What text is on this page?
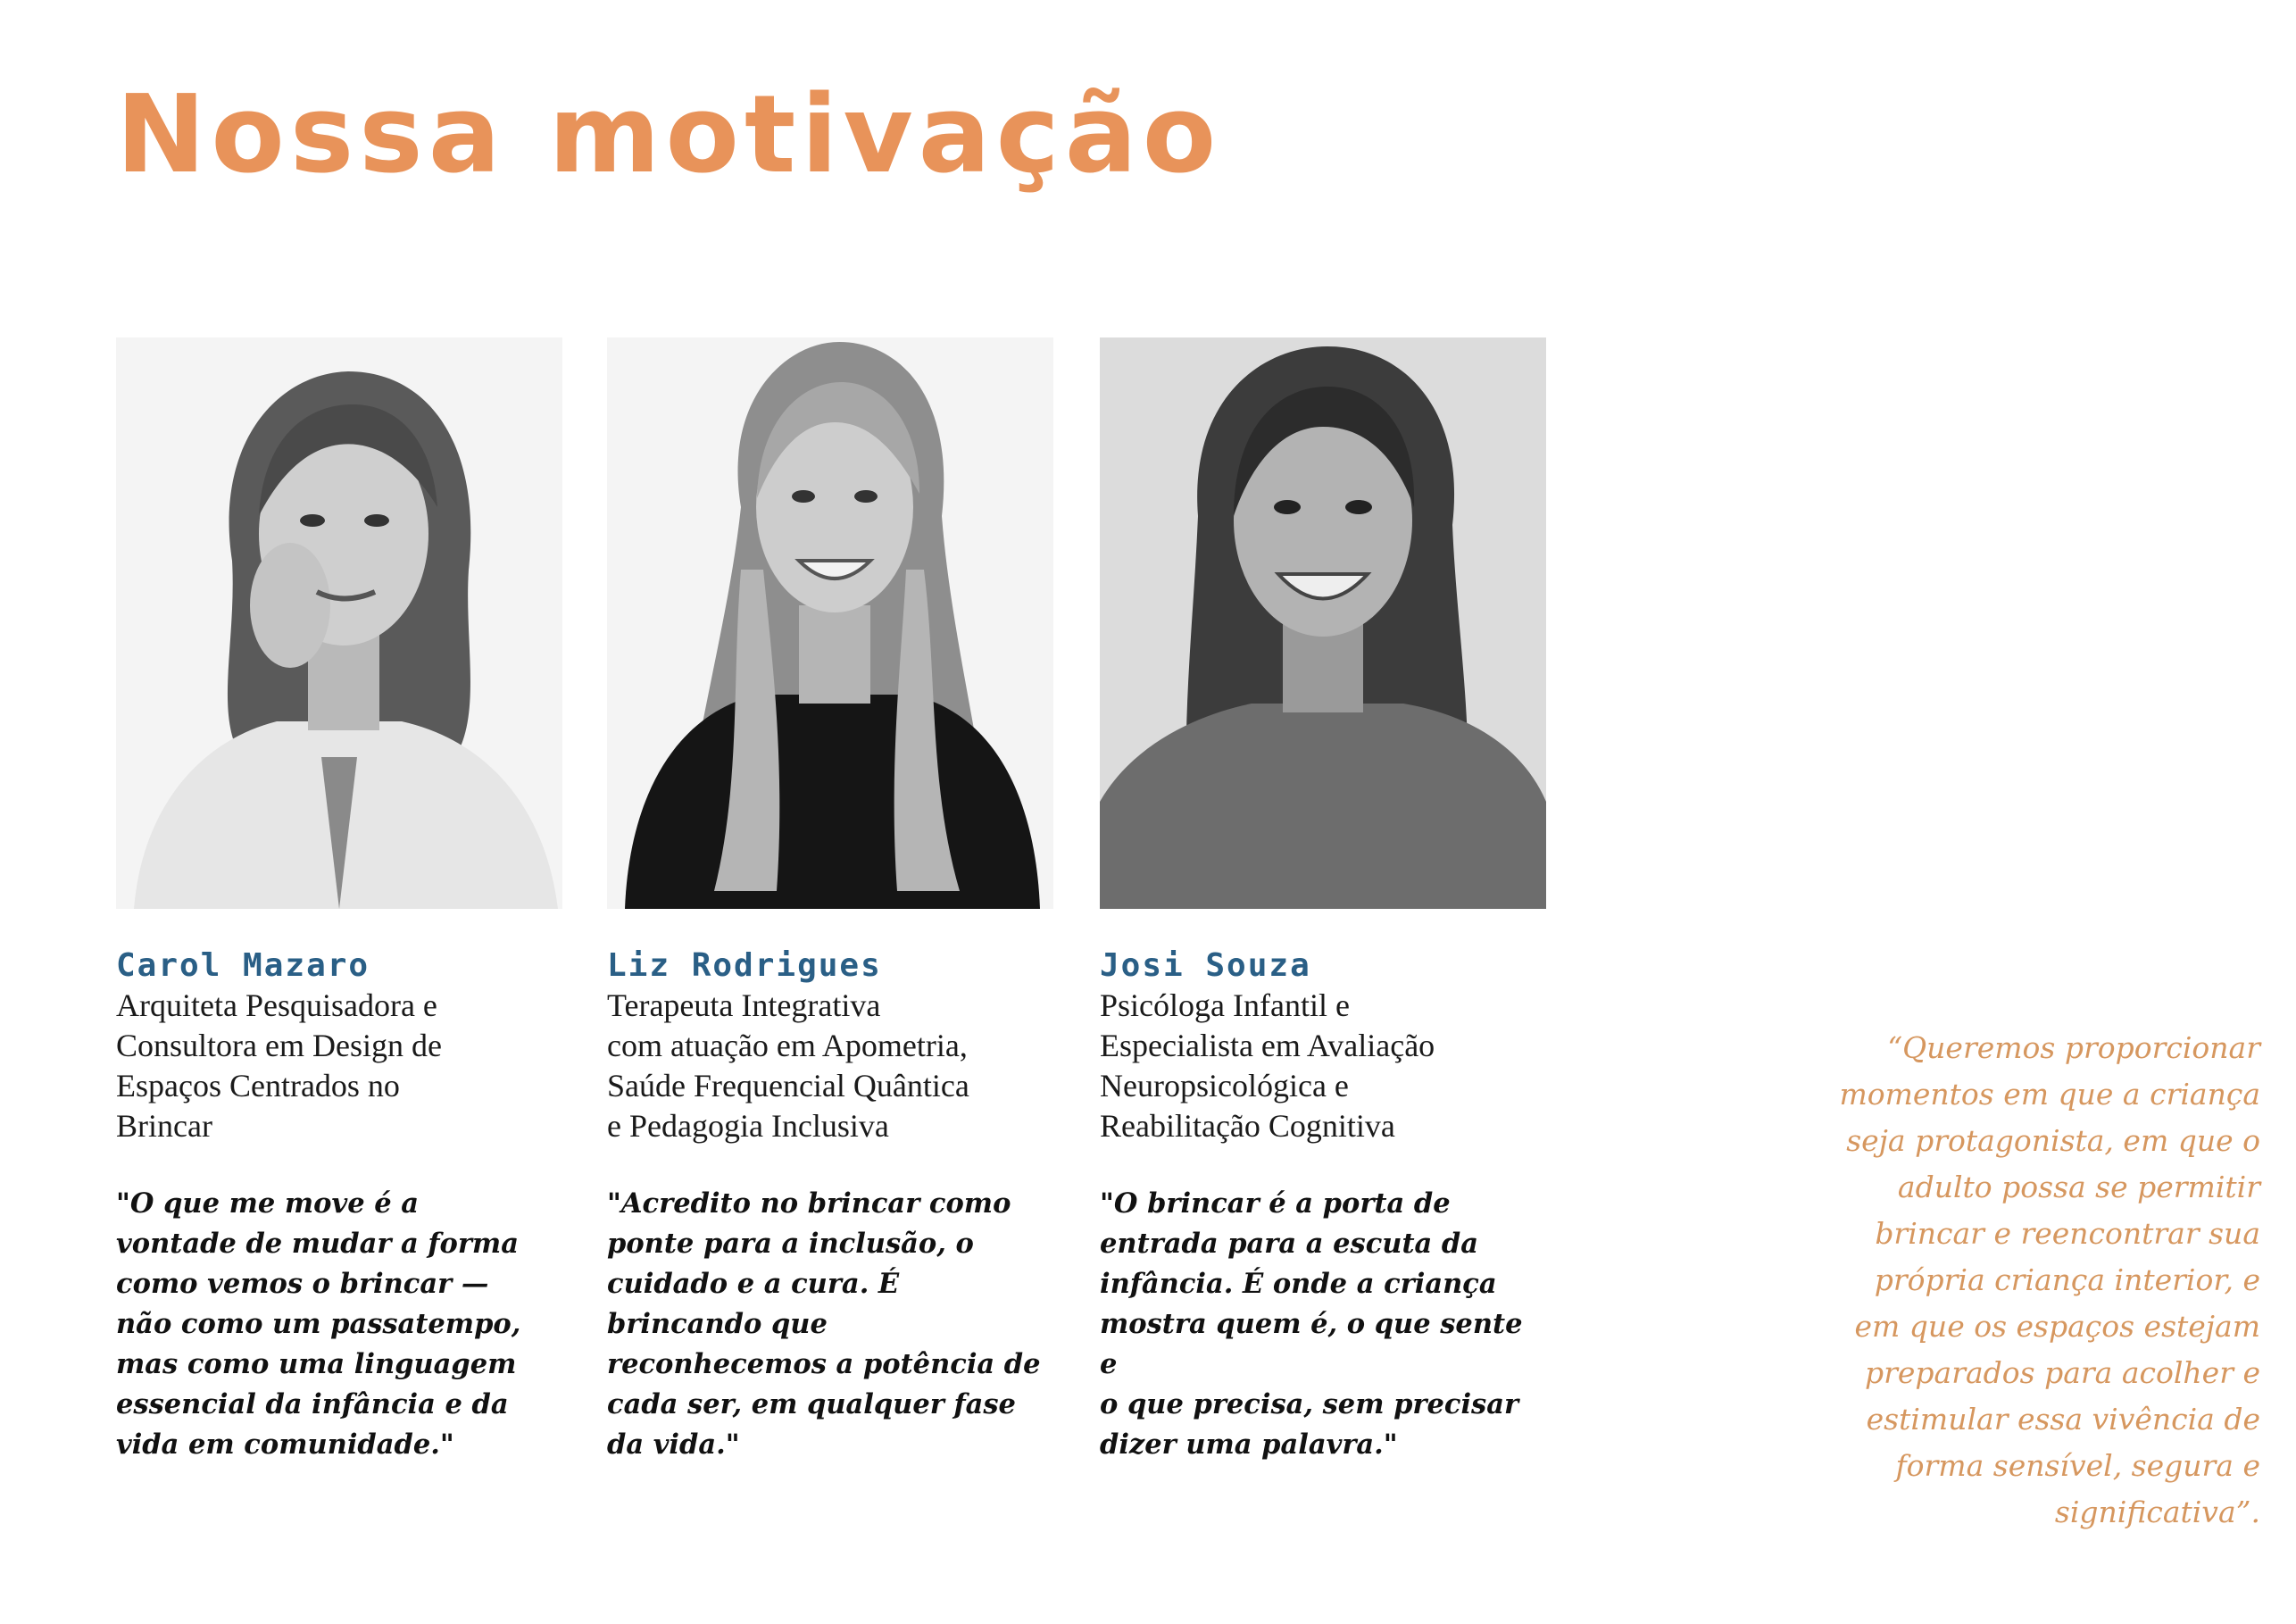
Nossa motivação
Carol Mazaro
Arquiteta Pesquisadora e
Consultora em Design de
Espaços Centrados no
Brincar
"O que me move é a
vontade de mudar a forma
como vemos o brincar —
não como um passatempo,
mas como uma linguagem
essencial da infância e da
vida em comunidade."
Liz Rodrigues
Terapeuta Integrativa
com atuação em Apometria,
Saúde Frequencial Quântica
e Pedagogia Inclusiva
"Acredito no brincar como
ponte para a inclusão, o
cuidado e a cura. É
brincando que
reconhecemos a potência de
cada ser, em qualquer fase
da vida."
Josi Souza
Psicóloga Infantil e
Especialista em Avaliação
Neuropsicológica e
Reabilitação Cognitiva
"O brincar é a porta de
entrada para a escuta da
infância. É onde a criança
mostra quem é, o que sente e
o que precisa, sem precisar
dizer uma palavra."
“Queremos proporcionar
momentos em que a criança
seja protagonista, em que o
adulto possa se permitir
brincar e reencontrar sua
própria criança interior, e
em que os espaços estejam
preparados para acolher e
estimular essa vivência de
forma sensível, segura e
significativa”.
